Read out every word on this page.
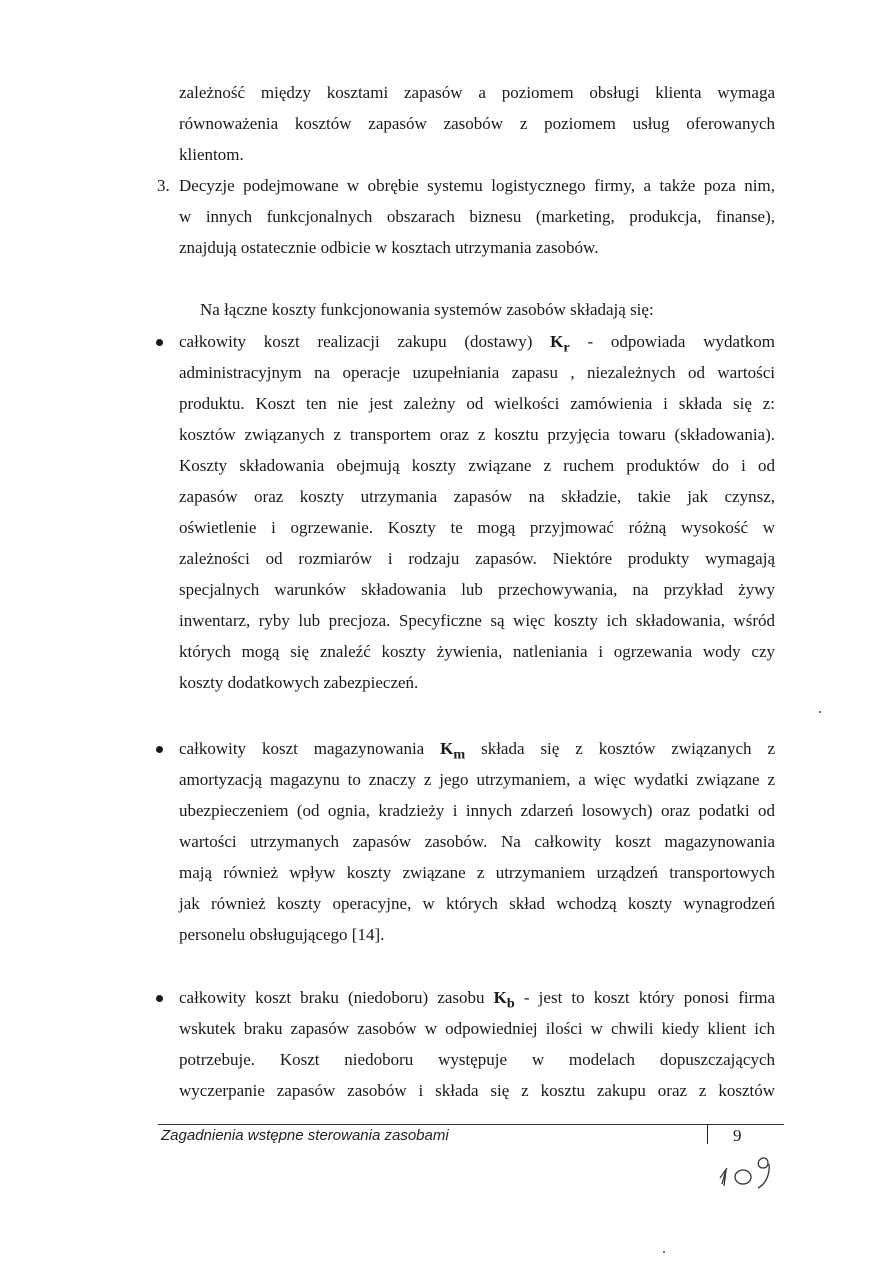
zależność między kosztami zapasów a poziomem obsługi klienta wymaga
równoważenia kosztów zapasów zasobów z poziomem usług oferowanych
klientom.
3. Decyzje podejmowane w obrębie systemu logistycznego firmy, a także poza nim,
w innych funkcjonalnych obszarach biznesu (marketing, produkcja, finanse),
znajdują ostatecznie odbicie w kosztach utrzymania zasobów.
Na łączne koszty funkcjonowania systemów zasobów składają się:
całkowity koszt realizacji zakupu (dostawy) $K_r$ - odpowiada wydatkom
administracyjnym na operacje uzupełniania zapasu , niezależnych od wartości
produktu. Koszt ten nie jest zależny od wielkości zamówienia i składa się z:
kosztów związanych z transportem oraz z kosztu przyjęcia towaru (składowania).
Koszty składowania obejmują koszty związane z ruchem produktów do i od
zapasów oraz koszty utrzymania zapasów na składzie, takie jak czynsz,
oświetlenie i ogrzewanie. Koszty te mogą przyjmować różną wysokość w
zależności od rozmiarów i rodzaju zapasów. Niektóre produkty wymagają
specjalnych warunków składowania lub przechowywania, na przykład żywy
inwentarz, ryby lub precjoza. Specyficzne są więc koszty ich składowania, wśród
których mogą się znaleźć koszty żywienia, natleniania i ogrzewania wody czy
koszty dodatkowych zabezpieczeń.
całkowity koszt magazynowania $K_m$ składa się z kosztów związanych z
amortyzacją magazynu to znaczy z jego utrzymaniem, a więc wydatki związane z
ubezpieczeniem (od ognia, kradzieży i innych zdarzeń losowych) oraz podatki od
wartości utrzymanych zapasów zasobów. Na całkowity koszt magazynowania
mają również wpływ koszty związane z utrzymaniem urządzeń transportowych
jak również koszty operacyjne, w których skład wchodzą koszty wynagrodzeń
personelu obsługującego [14].
całkowity koszt braku (niedoboru) zasobu $K_b$ - jest to koszt który ponosi firma
wskutek braku zapasów zasobów w odpowiedniej ilości w chwili kiedy klient ich
potrzebuje. Koszt niedoboru występuje w modelach dopuszczających
wyczerpanie zapasów zasobów i składa się z kosztu zakupu oraz z kosztów
Zagadnienia wstępne sterowania zasobami	9
